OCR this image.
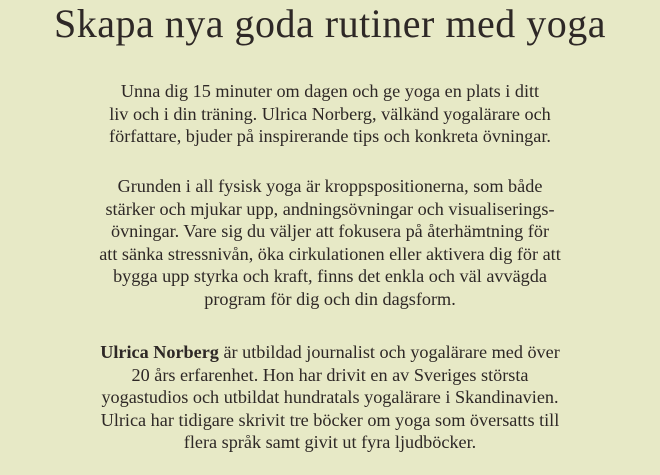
Skapa nya goda rutiner med yoga
Unna dig 15 minuter om dagen och ge yoga en plats i ditt
liv och i din träning. Ulrica Norberg, välkänd yogalärare och
författare, bjuder på inspirerande tips och konkreta övningar.
Grunden i all fysisk yoga är kroppspositionerna, som både
stärker och mjukar upp, andningsövningar och visualiserings-
övningar. Vare sig du väljer att fokusera på återhämtning för
att sänka stressnivån, öka cirkulationen eller aktivera dig för att
bygga upp styrka och kraft, finns det enkla och väl avvägda
program för dig och din dagsform.
Ulrica Norberg är utbildad journalist och yogalärare med över
20 års erfarenhet. Hon har drivit en av Sveriges största
yogastudios och utbildat hundratals yogalärare i Skandinavien.
Ulrica har tidigare skrivit tre böcker om yoga som översatts till
flera språk samt givit ut fyra ljudböcker.
